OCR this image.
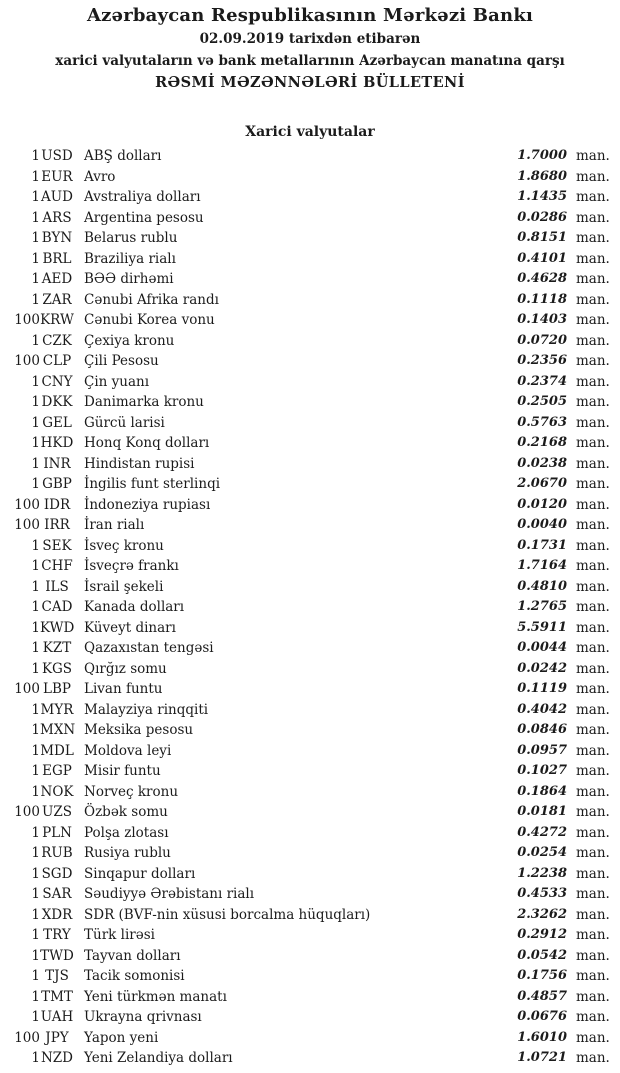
Azərbaycan Respublikasının Mərkəzi Bankı

02.09.2019 tarixdən etibarən

xarici valyutaların və bank metallarının Azərbaycan manatına qarşı

RƏSMİ MƏZƏNNƏLƏRİ BÜLLETENİ

Xarici valyutalar
1 USD ABŞ dolları	1.7000 man.
1 EUR Avro	1.8680 man.
1 AUD Avstraliya dolları	1.1435 man.
1 ARS Argentina pesosu	0.0286 man.
1 BYN Belarus rublu	0.8151 man.
1 BRL Braziliya rialı	0.4101 man.
1 AED BƏƏ dirhəmi	0.4628 man.
1 ZAR Cənubi Afrika randı	0.1118 man.
100 KRW Cənubi Korea vonu	0.1403 man.
1 CZK Çexiya kronu	0.0720 man.
100 CLP Çili Pesosu	0.2356 man.
1 CNY Çin yuanı	0.2374 man.
1 DKK Danimarka kronu	0.2505 man.
1 GEL Gürcü larisi	0.5763 man.
1 HKD Honq Konq dolları	0.2168 man.
1 INR Hindistan rupisi	0.0238 man.
1 GBP İngilis funt sterlinqi	2.0670 man.
100 IDR	İndoneziya rupiası	0.0120 man.
100 IRR	İran rialı	0.0040 man.
1 SEK İsveç kronu	0.1731 man.
1 CHF İsveçrə frankı	1.7164 man.
1 ILS	İsrail şekeli	0.4810 man.
1 CAD Kanada dolları	1.2765 man.
1 KWD Küveyt dinarı	5.5911 man.
1 KZT Qazaxıstan tengəsi	0.0044 man.
1 KGS Qırğız somu	0.0242 man.
100 LBP Livan funtu	0.1119 man.
1 MYR Malayziya rinqqiti	0.4042 man.
1 MXN Meksika pesosu	0.0846 man.
1 MDL Moldova leyi	0.0957 man.
1 EGP Misir funtu	0.1027 man.
1 NOK Norveç kronu	0.1864 man.
100 UZS Özbək somu	0.0181 man.
1 PLN Polşa zlotası	0.4272 man.
1 RUB Rusiya rublu	0.0254 man.
1 SGD Sinqapur dolları	1.2238 man.
1 SAR Səudiyyə Ərəbistanı rialı	0.4533 man.
1 XDR SDR (BVF-nin xüsusi borcalma hüquqları)	2.3262 man.
1 TRY Türk lirəsi	0.2912 man.
1 TWD Tayvan dolları	0.0542 man.
1 TJS	Tacik somonisi	0.1756 man.
1 TMT Yeni türkmən manatı	0.4857 man.
1 UAH Ukrayna qrivnası	0.0676 man.
100 JPY	Yapon yeni	1.6010 man.
1 NZD Yeni Zelandiya dolları	1.0721 man.
